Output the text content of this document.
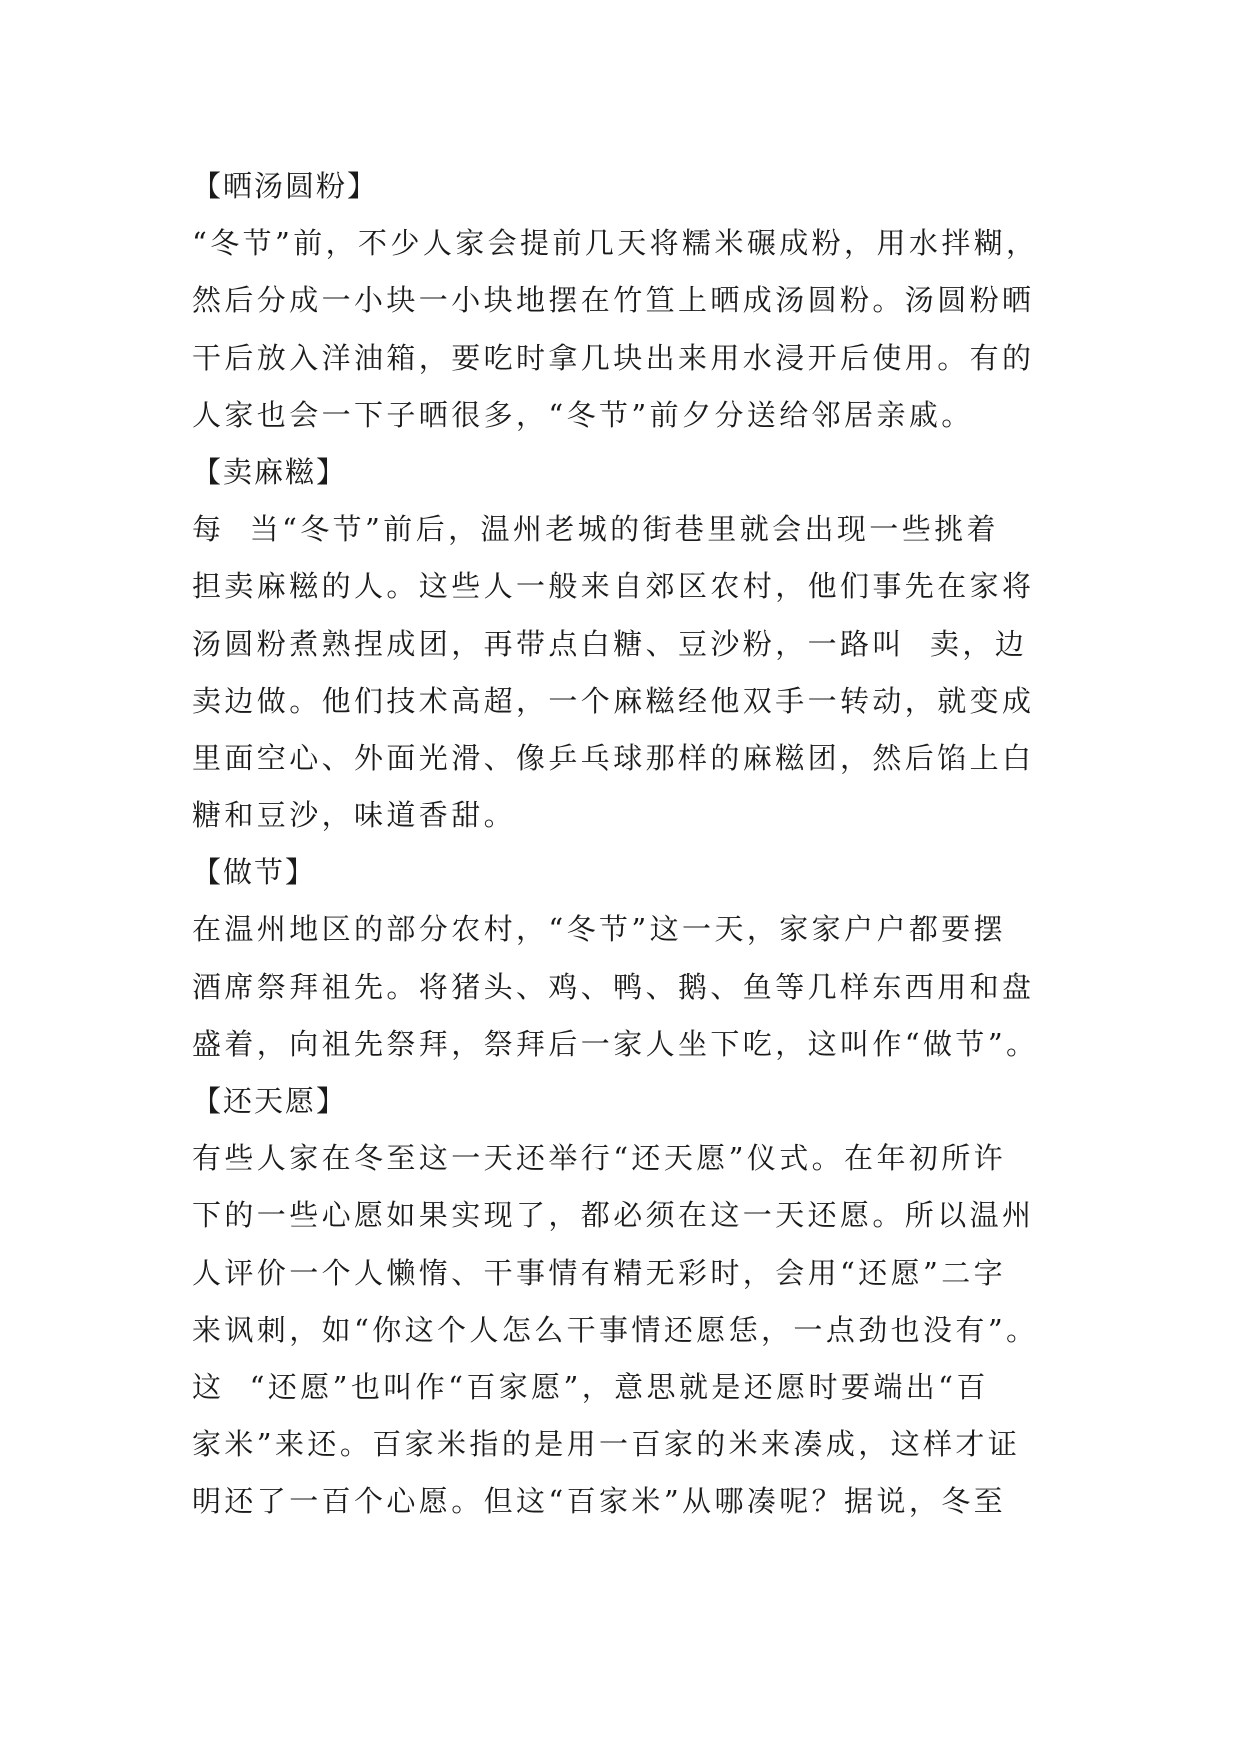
【晒汤圆粉】
“冬节”前，不少人家会提前几天将糯米碾成粉，用水拌糊，
然后分成一小块一小块地摆在竹笪上晒成汤圆粉。汤圆粉晒
干后放入洋油箱，要吃时拿几块出来用水浸开后使用。有的
人家也会一下子晒很多，“冬节”前夕分送给邻居亲戚。
【卖麻糍】
每  当“冬节”前后，温州老城的街巷里就会出现一些挑着
担卖麻糍的人。这些人一般来自郊区农村，他们事先在家将
汤圆粉煮熟捏成团，再带点白糖、豆沙粉，一路叫  卖，边
卖边做。他们技术高超，一个麻糍经他双手一转动，就变成
里面空心、外面光滑、像乒乓球那样的麻糍团，然后馅上白
糖和豆沙，味道香甜。
【做节】
在温州地区的部分农村，“冬节”这一天，家家户户都要摆
酒席祭拜祖先。将猪头、鸡、鸭、鹅、鱼等几样东西用和盘
盛着，向祖先祭拜，祭拜后一家人坐下吃，这叫作“做节”。
【还天愿】
有些人家在冬至这一天还举行“还天愿”仪式。在年初所许
下的一些心愿如果实现了，都必须在这一天还愿。所以温州
人评价一个人懒惰、干事情有精无彩时，会用“还愿”二字
来讽刺，如“你这个人怎么干事情还愿恁，一点劲也没有”。
这  “还愿”也叫作“百家愿”，意思就是还愿时要端出“百
家米”来还。百家米指的是用一百家的米来凑成，这样才证
明还了一百个心愿。但这“百家米”从哪凑呢？据说，冬至
